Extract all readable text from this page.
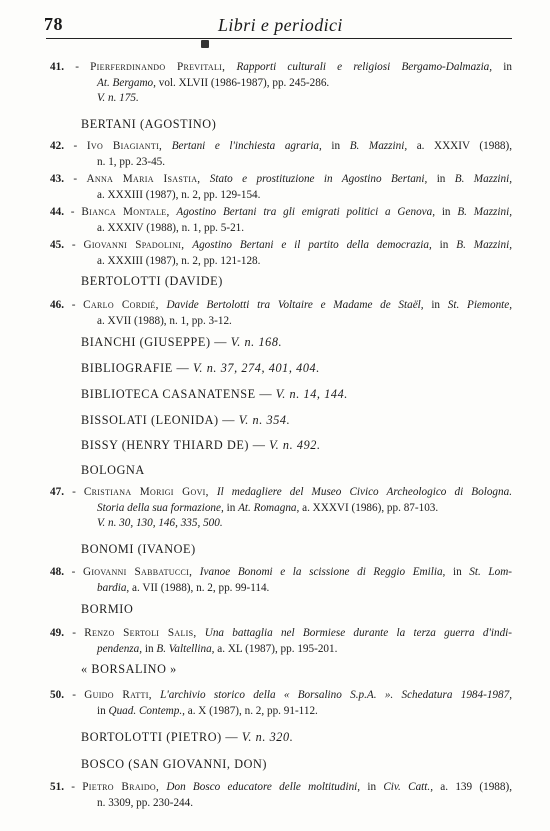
78	Libri e periodici
41. - Pierferdinando Previtali, Rapporti culturali e religiosi Bergamo-Dalmazia, in
At. Bergamo, vol. XLVII (1986-1987), pp. 245-286.
V. n. 175.
BERTANI (AGOSTINO)
42. - Ivo Biagianti, Bertani e l'inchiesta agraria, in B. Mazzini, a. XXXIV (1988),
n. 1, pp. 23-45.
43. - Anna Maria Isastia, Stato e prostituzione in Agostino Bertani, in B. Mazzini,
a. XXXIII (1987), n. 2, pp. 129-154.
44. - Bianca Montale, Agostino Bertani tra gli emigrati politici a Genova, in B. Mazzini,
a. XXXIV (1988), n. 1, pp. 5-21.
45. - Giovanni Spadolini, Agostino Bertani e il partito della democrazia, in B. Mazzini,
a. XXXIII (1987), n. 2, pp. 121-128.
BERTOLOTTI (DAVIDE)
46. - Carlo Cordié, Davide Bertolotti tra Voltaire e Madame de Staël, in St. Piemonte,
a. XVII (1988), n. 1, pp. 3-12.
BIANCHI (GIUSEPPE) — V. n. 168.
BIBLIOGRAFIE — V. n. 37, 274, 401, 404.
BIBLIOTECA CASANATENSE — V. n. 14, 144.
BISSOLATI (LEONIDA) — V. n. 354.
BISSY (HENRY THIARD DE) — V. n. 492.
BOLOGNA
47. - Cristiana Morigi Govi, Il medagliere del Museo Civico Archeologico di Bologna.
Storia della sua formazione, in At. Romagna, a. XXXVI (1986), pp. 87-103.
V. n. 30, 130, 146, 335, 500.
BONOMI (IVANOE)
48. - Giovanni Sabbatucci, Ivanoe Bonomi e la scissione di Reggio Emilia, in St. Lom-
bardia, a. VII (1988), n. 2, pp. 99-114.
BORMIO
49. - Renzo Sertoli Salis, Una battaglia nel Bormiese durante la terza guerra d'indi-
pendenza, in B. Valtellina, a. XL (1987), pp. 195-201.
« BORSALINO »
50. - Guido Ratti, L'archivio storico della « Borsalino S.p.A. ». Schedatura 1984-1987,
in Quad. Contemp., a. X (1987), n. 2, pp. 91-112.
BORTOLOTTI (PIETRO) — V. n. 320.
BOSCO (SAN GIOVANNI, DON)
51. - Pietro Braido, Don Bosco educatore delle moltitudini, in Civ. Catt., a. 139 (1988),
n. 3309, pp. 230-244.
